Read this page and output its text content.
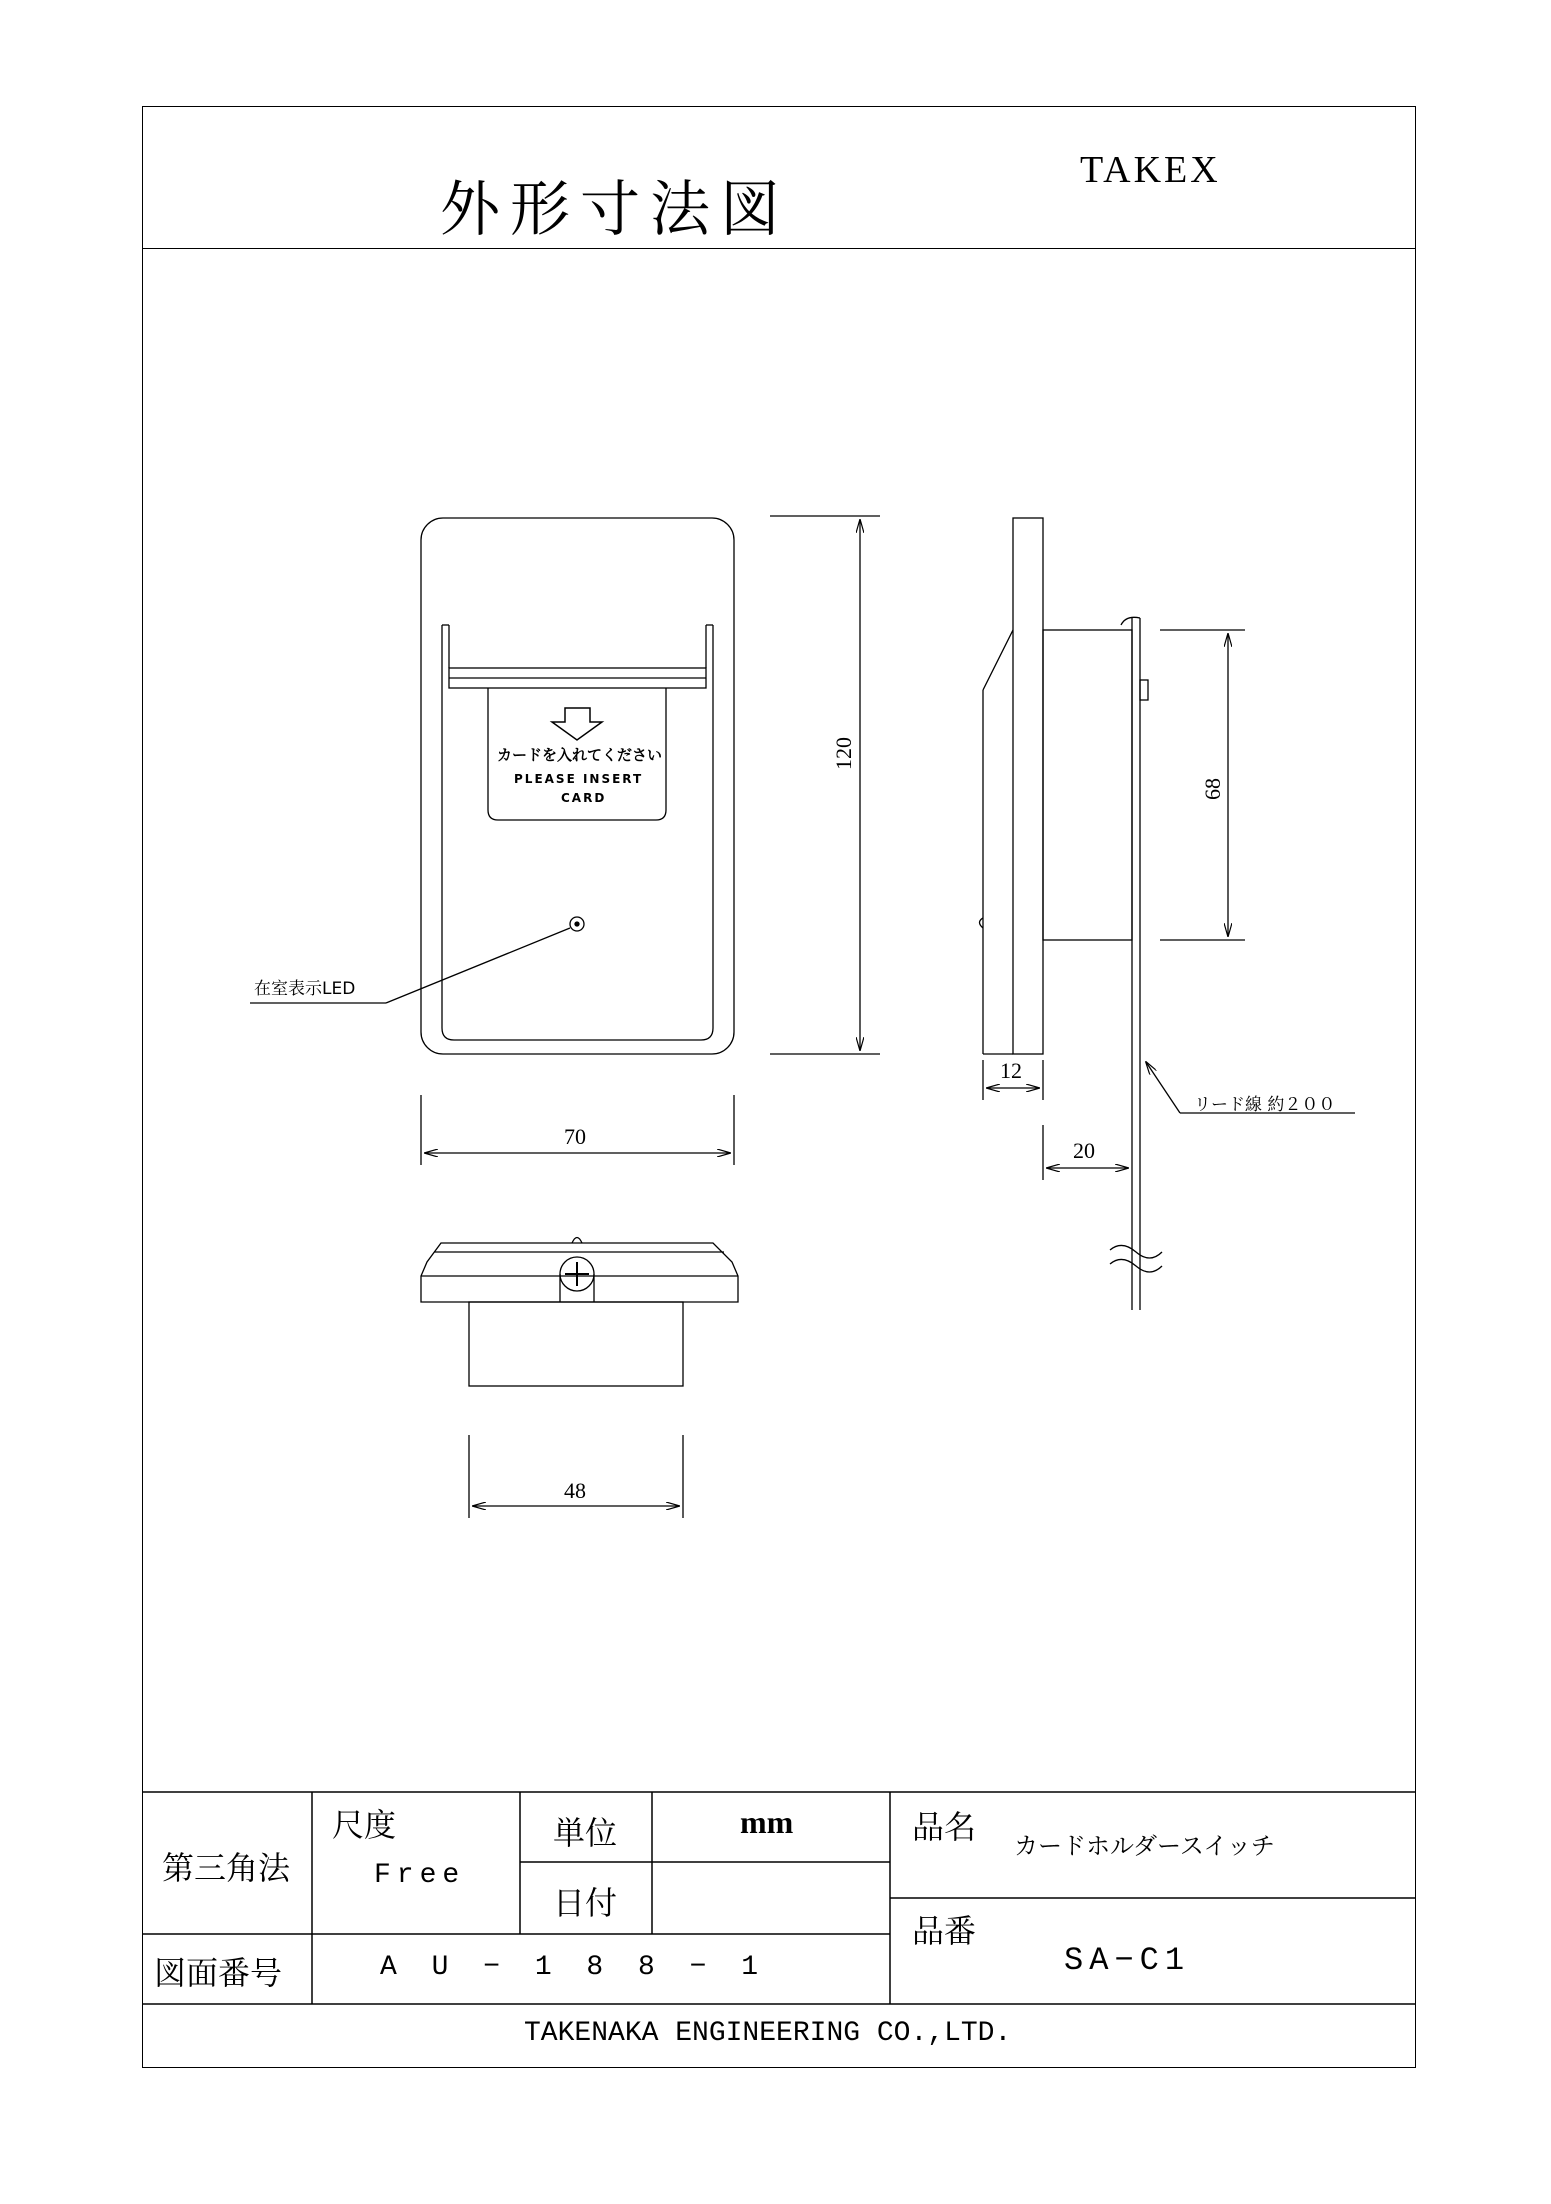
外形寸法図
TAKEX
カードを入れてください
PLEASE INSERT
CARD
在室表示LED
リード線 約２００
120
70
48
12
20
68
第三角法
尺度
Free
単位	mm
日付
品名 カードホルダースイッチ
品番
SA−C1
図面番号	A U − 1 8 8 − 1
TAKENAKA ENGINEERING CO.,LTD.
